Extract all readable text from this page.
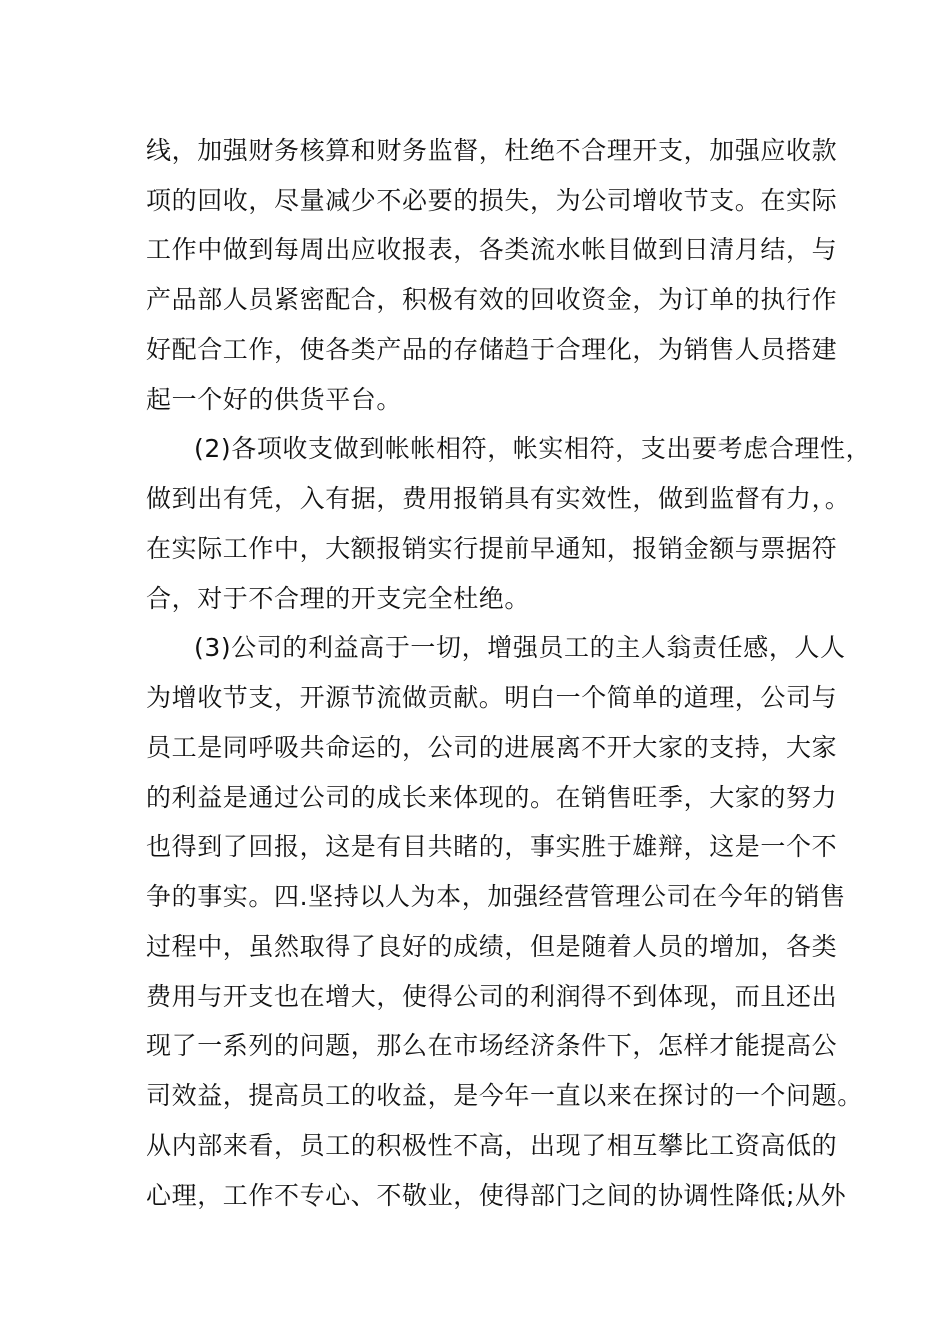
线，加强财务核算和财务监督，杜绝不合理开支，加强应收款
项的回收，尽量减少不必要的损失，为公司增收节支。在实际
工作中做到每周出应收报表，各类流水帐目做到日清月结，与
产品部人员紧密配合，积极有效的回收资金，为订单的执行作
好配合工作，使各类产品的存储趋于合理化，为销售人员搭建
起一个好的供货平台。
(2)各项收支做到帐帐相符，帐实相符，支出要考虑合理性，
做到出有凭，入有据，费用报销具有实效性，做到监督有力，。
在实际工作中，大额报销实行提前早通知，报销金额与票据符
合，对于不合理的开支完全杜绝。
(3)公司的利益高于一切，增强员工的主人翁责任感，人人
为增收节支，开源节流做贡献。明白一个简单的道理，公司与
员工是同呼吸共命运的，公司的进展离不开大家的支持，大家
的利益是通过公司的成长来体现的。在销售旺季，大家的努力
也得到了回报，这是有目共睹的，事实胜于雄辩，这是一个不
争的事实。四.坚持以人为本，加强经营管理公司在今年的销售
过程中，虽然取得了良好的成绩，但是随着人员的增加，各类
费用与开支也在增大，使得公司的利润得不到体现，而且还出
现了一系列的问题，那么在市场经济条件下，怎样才能提高公
司效益，提高员工的收益，是今年一直以来在探讨的一个问题。
从内部来看，员工的积极性不高，出现了相互攀比工资高低的
心理，工作不专心、不敬业，使得部门之间的协调性降低;从外
